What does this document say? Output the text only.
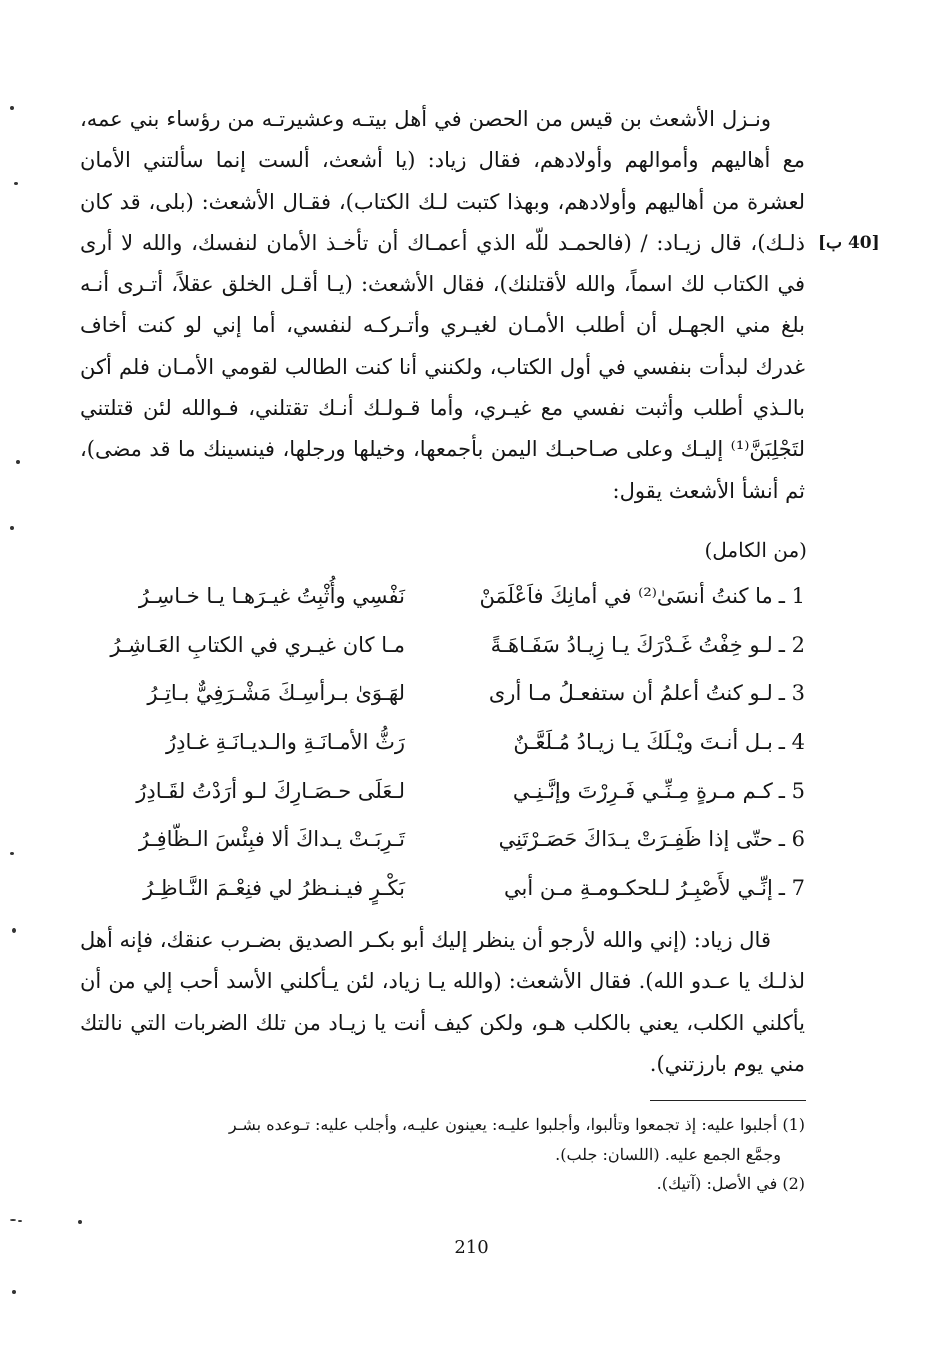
ونـزل الأشعث بن قيس من الحصن في أهل بيتـه وعشيرتـه من رؤساء بني عمه، مع أهاليهم وأموالهم وأولادهم، فقال زياد: (يا أشعث، ألست إنما سألتني الأمان لعشرة من أهاليهم وأولادهم، وبهذا كتبت لـك الكتاب)، فقـال الأشعث: (بلى، قد كان ذلـك)، قال زيـاد: / (فالحمـد للّه الذي أعمـاك أن تأخـذ الأمان لنفسك، والله لا أرى في الكتاب لك اسماً، والله لأقتلنك)، فقال الأشعث: (يـا أقـل الخلق عقلاً، أتـرى أنـه بلغ مني الجهـل أن أطلب الأمـان لغيـري وأتـركـه لنفسي، أما إني لو كنت أخاف غدرك لبدأت بنفسي في أول الكتاب، ولكنني أنا كنت الطالب لقومي الأمـان فلم أكن بالـذي أطلب وأثبت نفسي مع غيـري، وأما قـولـك أنـك تقتلني، فـوالله لئن قتلتني لتَجْلِبَنَّ⁽¹⁾ إليـك وعلى صـاحبـك اليمن بأجمعها، وخيلها ورجلها، فينسينك ما قد مضى)، ثم أنشأ الأشعث يقول:

[40 ب]

(من الكامل)

1 ـما كنتُ أنسَىٰ⁽²⁾ في أمانِكَ فاَعْلَمَنْ
نَفْسِي وأُثْبِتُ غيـرَهـا يـا خـاسِـرُ
2 ـلـو خِفْتُ غَـدْرَكَ يـا زِيـادُ سَفَـاهَـةً
مـا كان غيـري في الكتابِ العَـاشِـرُ
3 ـلـو كنتُ أعلمُ أن ستفعـلُ مـا أرى
لهَـوَىٰ بـرأسِـكَ مَشْـرَفِيٌّ بـاتِـرُ
4 ـبـل أنـتَ ويْـلَكَ يـا زيـادُ مُـلَعَّـنٌ
رَثُّ الأمـانَـةِ والـديـانَـةِ غـادِرُ
5 ـكـم مـرةٍ مِـنِّـي فَـرِرْتَ وإنَّـنِـي
لـعَلَى حـصَـارِكَ لـو أرَدْتُ لقَـادِرُ
6 ـحتّى إذا ظَفِـرَتْ يـدَاكَ حَصَـرْتَنِي
تَـرِبَـتْ يـداكَ ألا فبِئْسَ الـظّافِـرُ
7 ـإنِّـي لأَصْبِـرُ لـلحكـومـةِ مـن أبي
بَكْـرٍ فيـنـظرُ لي فنِعْـمَ النَّـاظِـرُ

قال زياد: (إني والله لأرجو أن ينظر إليك أبو بكـر الصديق بضـرب عنقك، فإنه أهل لذلـك يا عـدو الله). فقال الأشعث: (والله يـا زياد، لئن يـأكلني الأسد أحب إلي من أن يأكلني الكلب، يعني بالكلب هـو، ولكن كيف أنت يا زيـاد من تلك الضربات التي نالتك مني يوم بارزتني).

(1) أجلبوا عليه: إذ تجمعوا وتألبوا، وأجلبوا عليـه: يعينون عليـه، وأجلب عليه: تـوعده بشـر

وجمَّع الجمع عليه. (اللسان: جلب).

(2) في الأصل: (آتيك).

210
